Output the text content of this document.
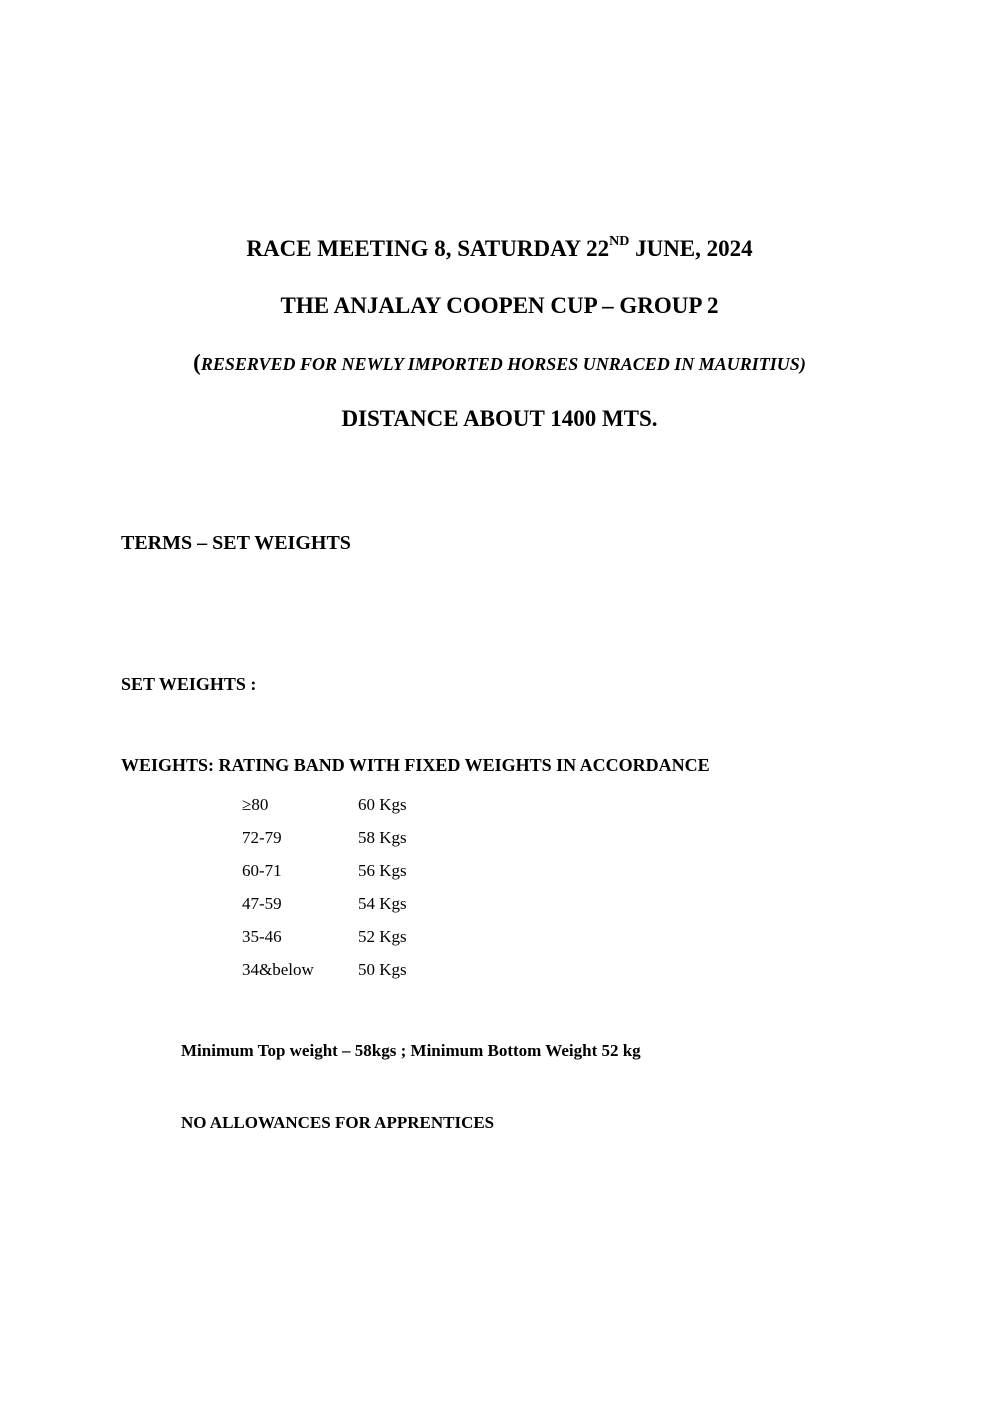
RACE MEETING 8, SATURDAY 22ND JUNE, 2024
THE ANJALAY COOPEN CUP – GROUP 2
(RESERVED FOR NEWLY IMPORTED HORSES UNRACED IN MAURITIUS)
DISTANCE ABOUT 1400 MTS.
TERMS – SET WEIGHTS
SET WEIGHTS :
WEIGHTS: RATING BAND WITH FIXED WEIGHTS IN ACCORDANCE
≥80	60 Kgs
72-79	58 Kgs
60-71	56 Kgs
47-59	54 Kgs
35-46	52 Kgs
34&below	50 Kgs
Minimum Top weight – 58kgs ; Minimum Bottom Weight 52 kg
NO ALLOWANCES FOR APPRENTICES
